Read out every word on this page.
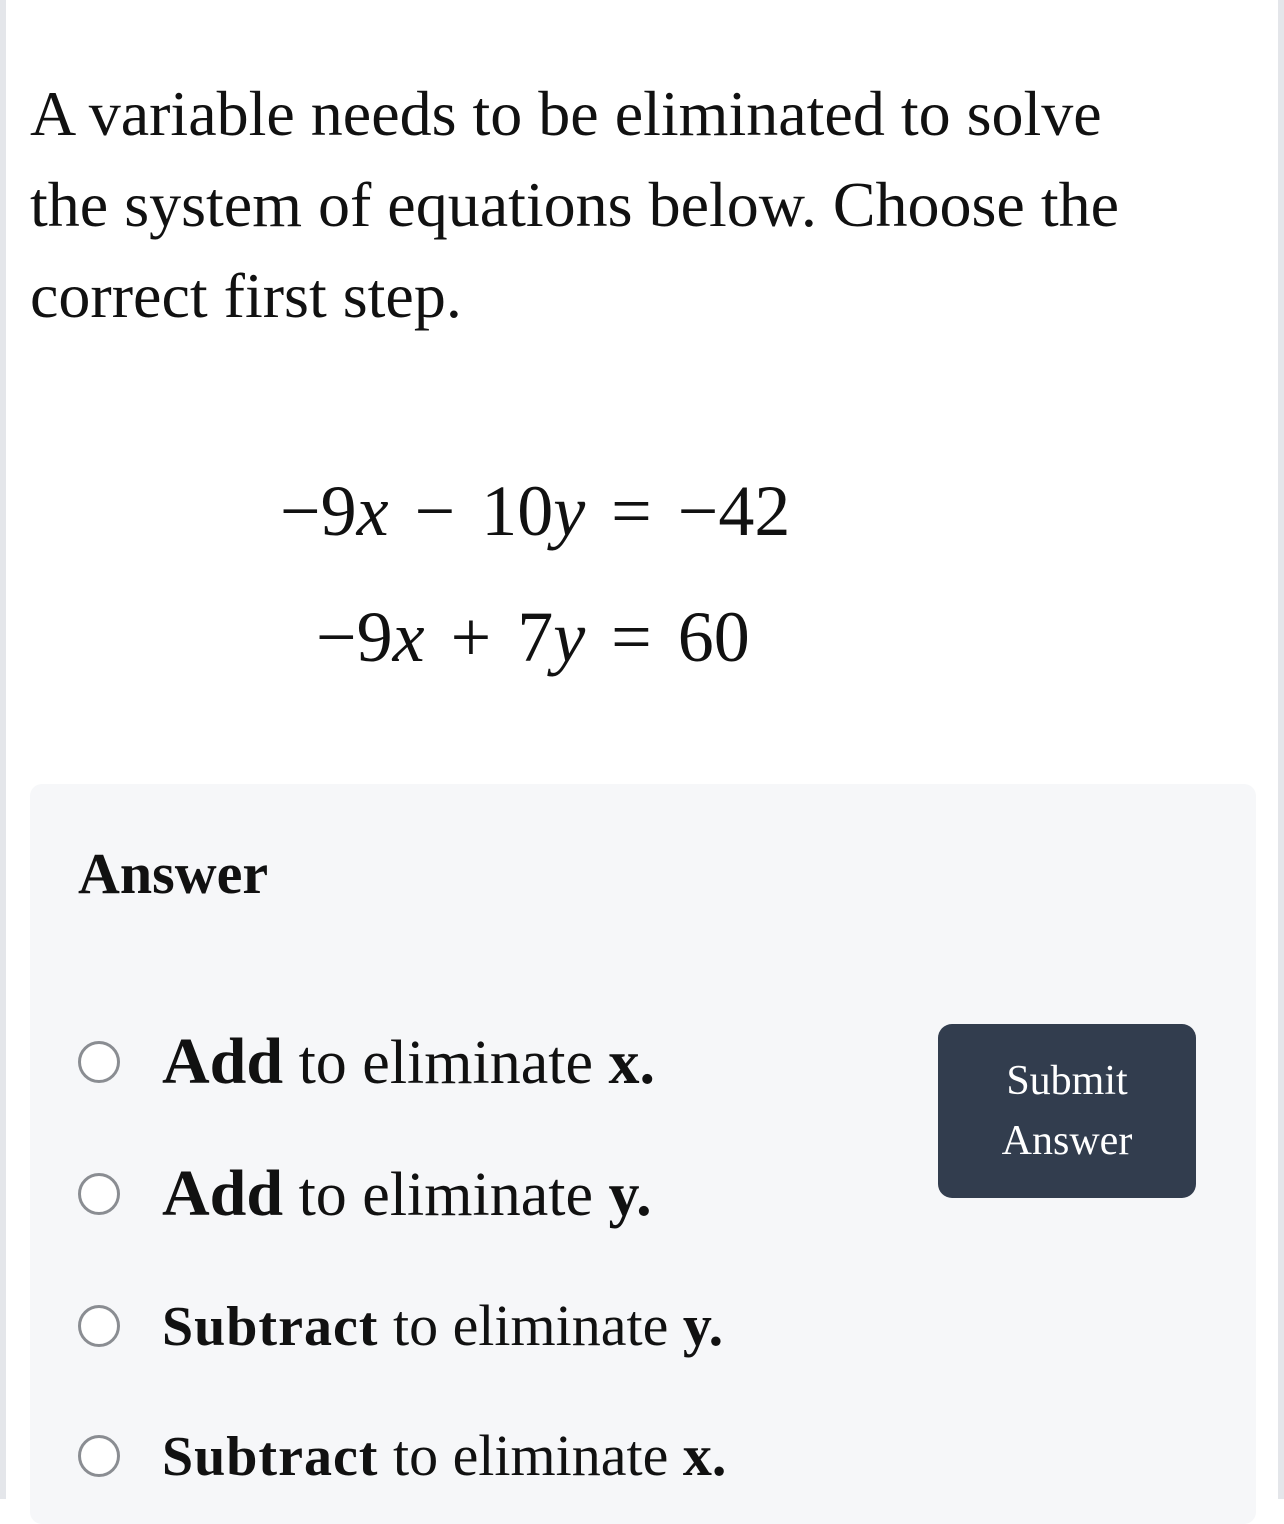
A variable needs to be eliminated to solve
the system of equations below. Choose the
correct first step.

−9 x − 10 y = −42
−9 x + 7 y = 60
Answer
Add to eliminate x.
Add to eliminate y.
Subtract to eliminate y.
Subtract to eliminate x.
Submit
Answer
